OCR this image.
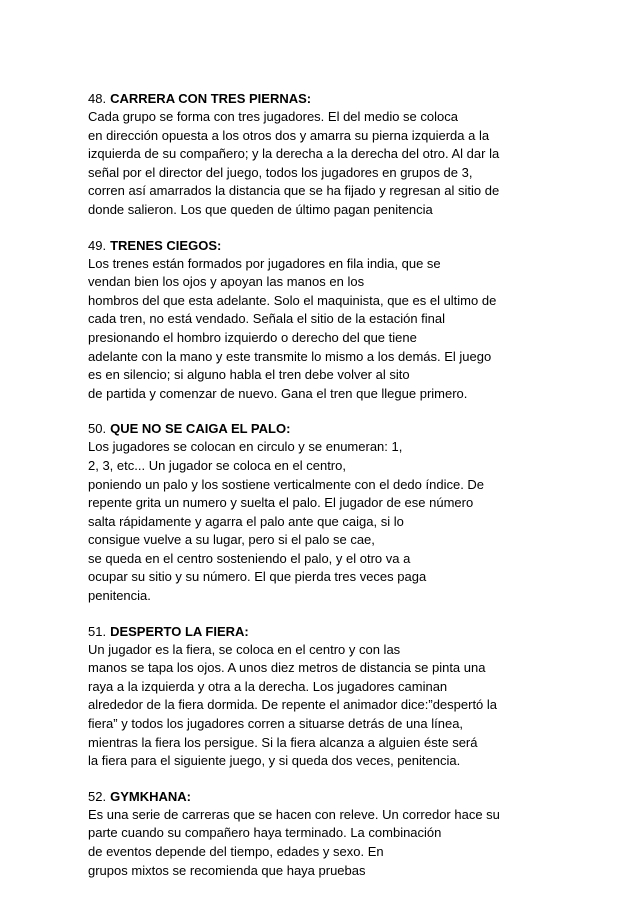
48. CARRERA CON TRES PIERNAS:
Cada grupo se forma con tres jugadores. El del medio se coloca
en dirección opuesta a los otros dos y amarra su pierna izquierda a la
izquierda de su compañero; y la derecha a la derecha del otro. Al dar la
señal por el director del juego, todos los jugadores en grupos de 3,
corren así amarrados la distancia que se ha fijado y regresan al sitio de
donde salieron. Los que queden de último pagan penitencia
49. TRENES CIEGOS:
Los trenes están formados por jugadores en fila india, que se
vendan bien los ojos y apoyan las manos en los
hombros del que esta adelante. Solo el maquinista, que es el ultimo de
cada tren, no está vendado. Señala el sitio de la estación final
presionando el hombro izquierdo o derecho del que tiene
adelante con la mano y este transmite lo mismo a los demás. El juego
es en silencio; si alguno habla el tren debe volver al sito
de partida y comenzar de nuevo. Gana el tren que llegue primero.
50. QUE NO SE CAIGA EL PALO:
Los jugadores se colocan en circulo y se enumeran: 1,
2, 3, etc... Un jugador se coloca en el centro,
poniendo un palo y los sostiene verticalmente con el dedo índice. De
repente grita un numero y suelta el palo. El jugador de ese número
salta rápidamente y agarra el palo ante que caiga, si lo
consigue vuelve a su lugar, pero si el palo se cae,
se queda en el centro sosteniendo el palo, y el otro va a
ocupar su sitio y su número. El que pierda tres veces paga
penitencia.
51. DESPERTO LA FIERA:
Un jugador es la fiera, se coloca en el centro y con las
manos se tapa los ojos. A unos diez metros de distancia se pinta una
raya a la izquierda y otra a la derecha. Los jugadores caminan
alrededor de la fiera dormida. De repente el animador dice:”despertó la
fiera” y todos los jugadores corren a situarse detrás de una línea,
mientras la fiera los persigue. Si la fiera alcanza a alguien éste será
la fiera para el siguiente juego, y si queda dos veces, penitencia.
52. GYMKHANA:
Es una serie de carreras que se hacen con releve. Un corredor hace su
parte cuando su compañero haya terminado. La combinación
de eventos depende del tiempo, edades y sexo. En
grupos mixtos se recomienda que haya pruebas
